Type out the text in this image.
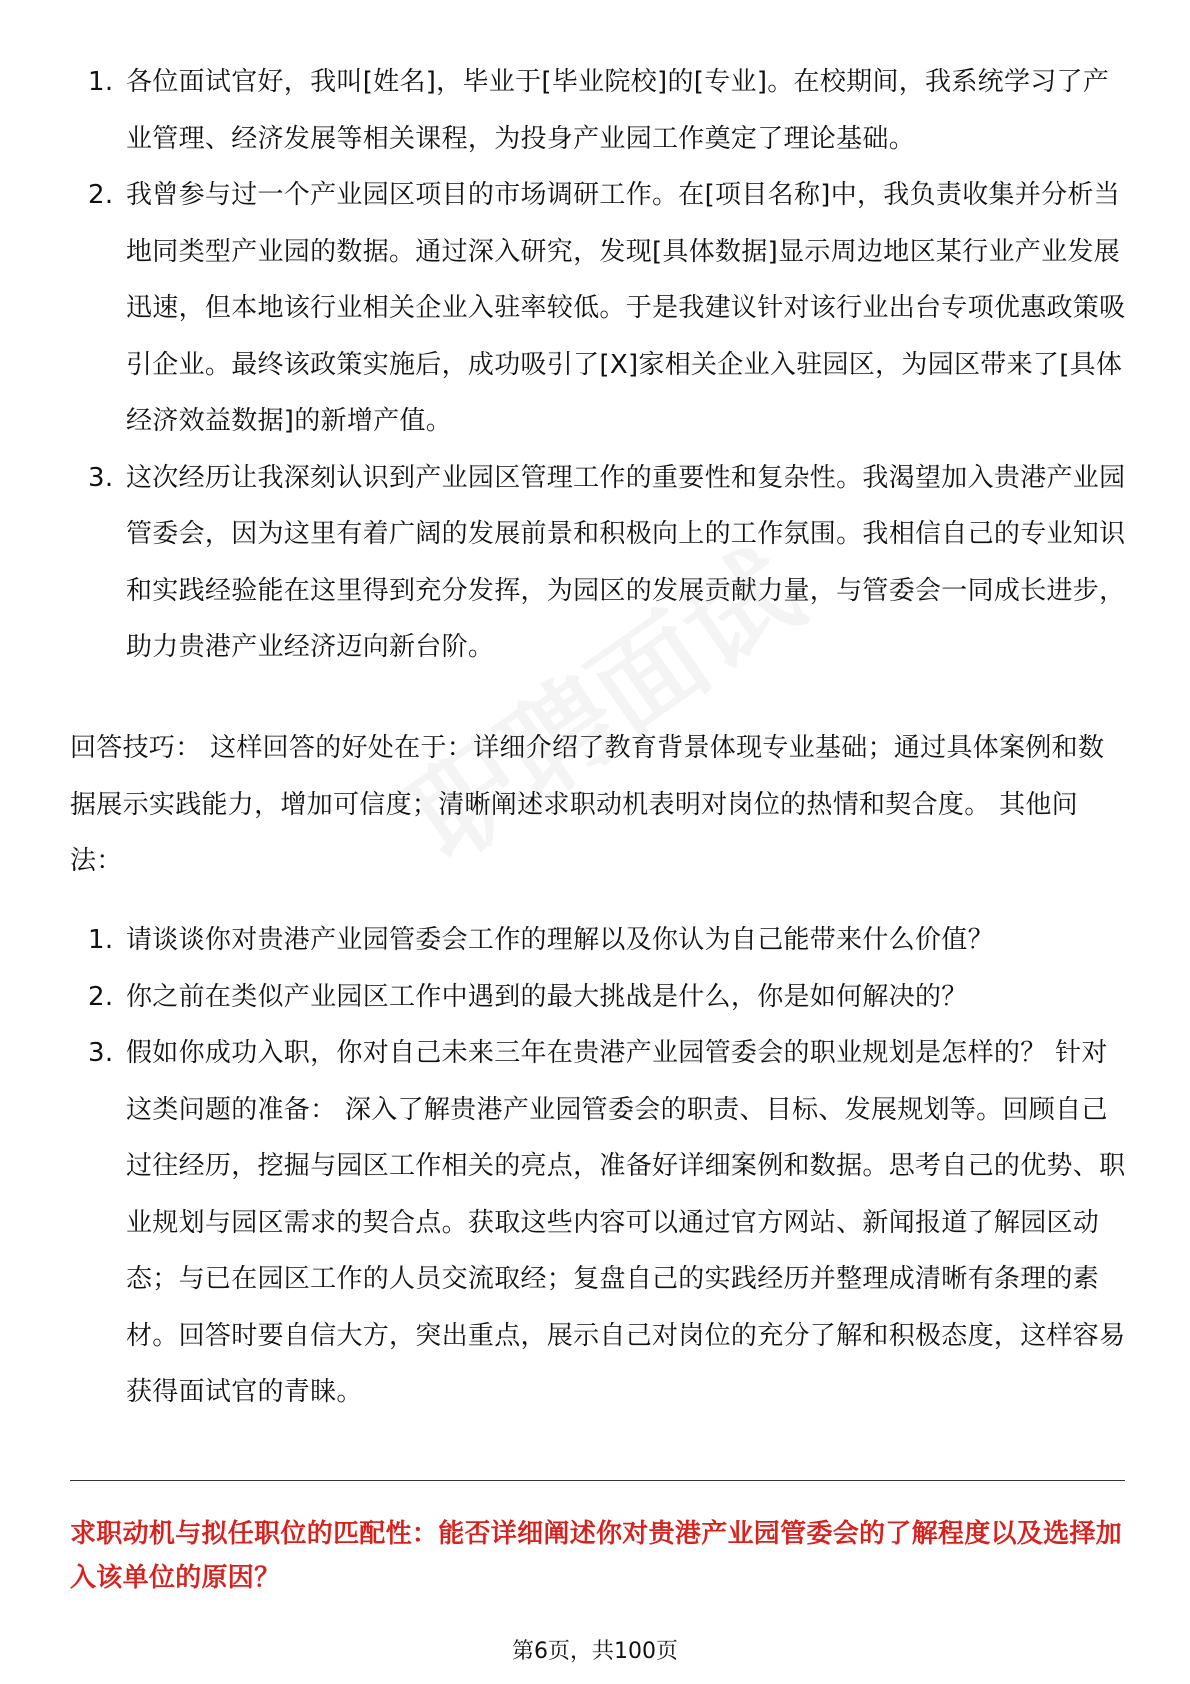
1. 各位面试官好，我叫[姓名]，毕业于[毕业院校]的[专业]。在校期间，我系统学习了产业管理、经济发展等相关课程，为投身产业园工作奠定了理论基础。
2. 我曾参与过一个产业园区项目的市场调研工作。在[项目名称]中，我负责收集并分析当地同类型产业园的数据。通过深入研究，发现[具体数据]显示周边地区某行业产业发展迅速，但本地该行业相关企业入驻率较低。于是我建议针对该行业出台专项优惠政策吸引企业。最终该政策实施后，成功吸引了[X]家相关企业入驻园区，为园区带来了[具体经济效益数据]的新增产值。
3. 这次经历让我深刻认识到产业园区管理工作的重要性和复杂性。我渴望加入贵港产业园管委会，因为这里有着广阔的发展前景和积极向上的工作氛围。我相信自己的专业知识和实践经验能在这里得到充分发挥，为园区的发展贡献力量，与管委会一同成长进步，助力贵港产业经济迈向新台阶。

回答技巧： 这样回答的好处在于：详细介绍了教育背景体现专业基础；通过具体案例和数据展示实践能力，增加可信度；清晰阐述求职动机表明对岗位的热情和契合度。 其他问法：

1. 请谈谈你对贵港产业园管委会工作的理解以及你认为自己能带来什么价值？
2. 你之前在类似产业园区工作中遇到的最大挑战是什么，你是如何解决的？
3. 假如你成功入职，你对自己未来三年在贵港产业园管委会的职业规划是怎样的？ 针对这类问题的准备： 深入了解贵港产业园管委会的职责、目标、发展规划等。回顾自己过往经历，挖掘与园区工作相关的亮点，准备好详细案例和数据。思考自己的优势、职业规划与园区需求的契合点。获取这些内容可以通过官方网站、新闻报道了解园区动态；与已在园区工作的人员交流取经；复盘自己的实践经历并整理成清晰有条理的素材。回答时要自信大方，突出重点，展示自己对岗位的充分了解和积极态度，这样容易获得面试官的青睐。

求职动机与拟任职位的匹配性：能否详细阐述你对贵港产业园管委会的了解程度以及选择加入该单位的原因？

第6页，共100页
